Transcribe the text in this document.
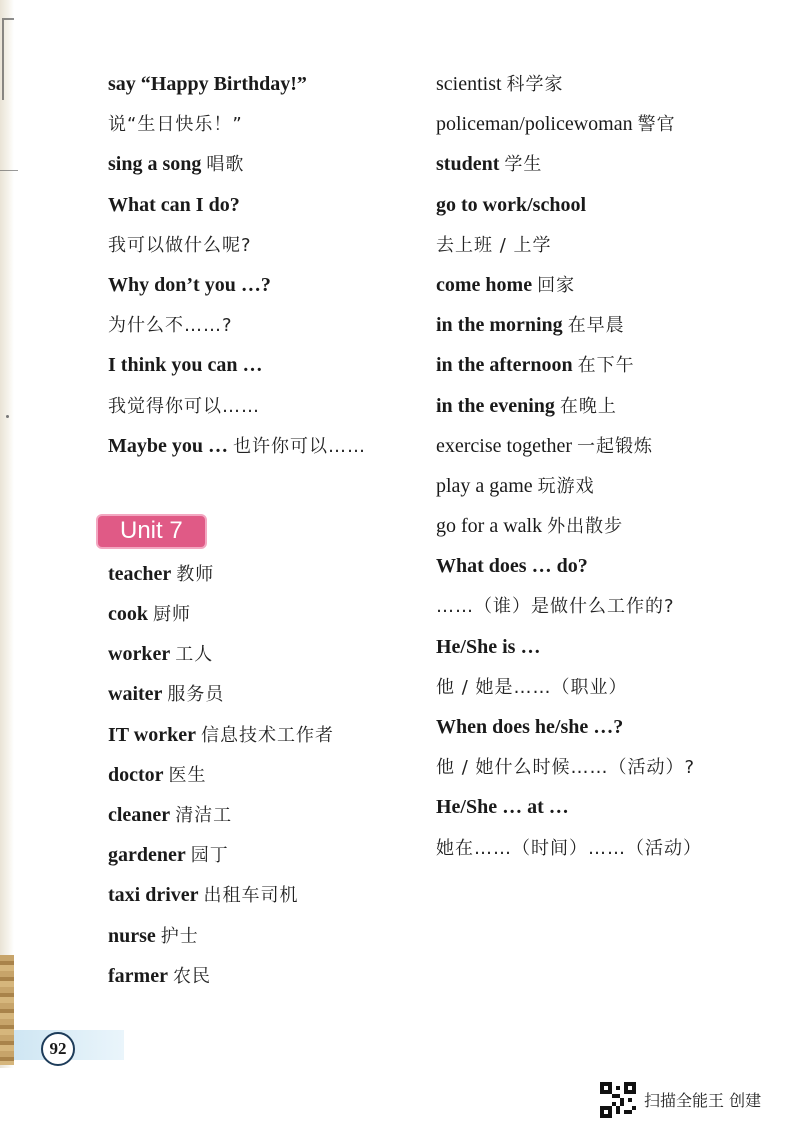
say “Happy Birthday!”
说“生日快乐！”
sing a song 唱歌
What can I do?
我可以做什么呢?
Why don’t you …?
为什么不……?
I think you can …
我觉得你可以……
Maybe you … 也许你可以……
Unit 7
teacher 教师
cook 厨师
worker 工人
waiter 服务员
IT worker 信息技术工作者
doctor 医生
cleaner 清洁工
gardener 园丁
taxi driver 出租车司机
nurse 护士
farmer 农民
scientist 科学家
policeman/policewoman 警官
student 学生
go to work/school
去上班 / 上学
come home 回家
in the morning 在早晨
in the afternoon 在下午
in the evening 在晚上
exercise together 一起锻炼
play a game 玩游戏
go for a walk 外出散步
What does … do?
……（谁）是做什么工作的?
He/She is …
他 / 她是……（职业）
When does he/she …?
他 / 她什么时候……（活动）?
He/She … at …
她在……（时间）……（活动）
92
扫描全能王 创建
